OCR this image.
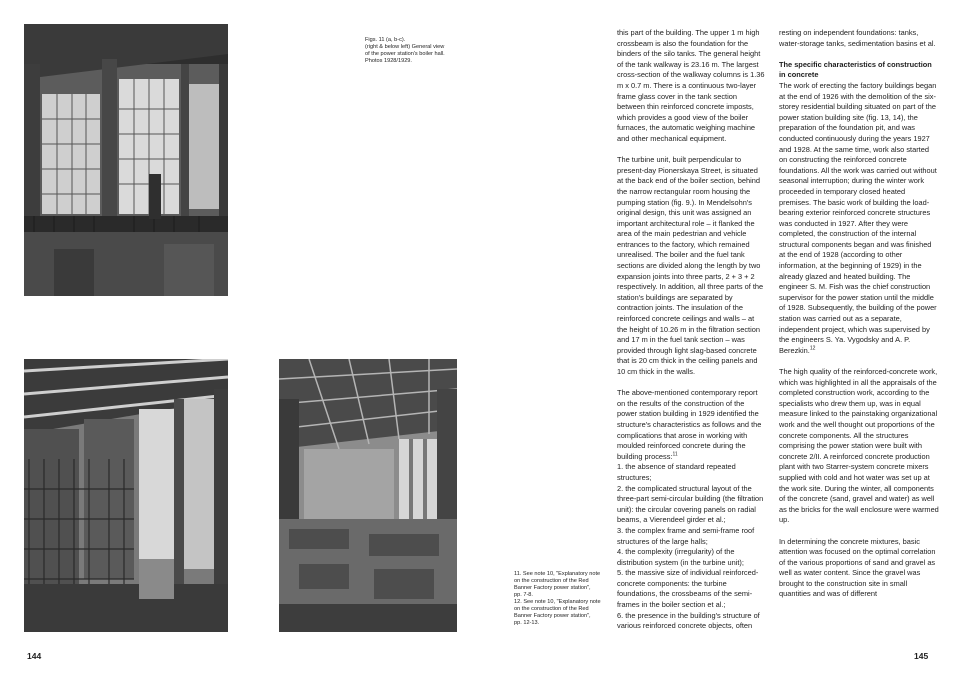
Figs. 11 (a, b-c).
(right & below left) General view
of the power station's boiler hall.
Photos 1928/1929.
11. See note 10, "Explanatory note
on the construction of the Red
Banner Factory power station",
pp. 7-8.
12. See note 10, "Explanatory note
on the construction of the Red
Banner Factory power station",
pp. 12-13.

this part of the building. The upper 1 m high crossbeam is also the foundation for the binders of the silo tanks. The general height of the tank walkway is 23.16 m. The largest cross-section of the walkway columns is 1.36 m x 0.7 m. There is a continuous two-layer frame glass cover in the tank section between thin reinforced concrete imposts, which provides a good view of the boiler furnaces, the automatic weighing machine and other mechanical equipment.

The turbine unit, built perpendicular to present-day Pionerskaya Street, is situated at the back end of the boiler section, behind the narrow rectangular room housing the pumping station (fig. 9.). In Mendelsohn's original design, this unit was assigned an important architectural role – it flanked the area of the main pedestrian and vehicle entrances to the factory, which remained unrealised. The boiler and the fuel tank sections are divided along the length by two expansion joints into three parts, 2 + 3 + 2 respectively. In addition, all three parts of the station's buildings are separated by contraction joints. The insulation of the reinforced concrete ceilings and walls – at the height of 10.26 m in the filtration section and 17 m in the fuel tank section – was provided through light slag-based concrete that is 20 cm thick in the ceiling panels and 10 cm thick in the walls.

The above-mentioned contemporary report on the results of the construction of the power station building in 1929 identified the structure's characteristics as follows and the complications that arose in working with moulded reinforced concrete during the building process:$^{11}$

1. the absence of standard repeated structures;
2. the complicated structural layout of the three-part semi-circular building (the filtration unit): the circular covering panels on radial beams, a Vierendeel girder et al.;
3. the complex frame and semi-frame roof structures of the large halls;
4. the complexity (irregularity) of the distribution system (in the turbine unit);
5. the massive size of individual reinforced-concrete components: the turbine foundations, the crossbeams of the semi-frames in the boiler section et al.;
6. the presence in the building's structure of various reinforced concrete objects, often

resting on independent foundations: tanks, water-storage tanks, sedimentation basins et al.

The specific characteristics of construction in concrete

The work of erecting the factory buildings began at the end of 1926 with the demolition of the six-storey residential building situated on part of the power station building site (fig. 13, 14), the preparation of the foundation pit, and was conducted continuously during the years 1927 and 1928. At the same time, work also started on constructing the reinforced concrete foundations. All the work was carried out without seasonal interruption; during the winter work proceeded in temporary closed heated premises. The basic work of building the load-bearing exterior reinforced concrete structures was conducted in 1927. After they were completed, the construction of the internal structural components began and was finished at the end of 1928 (according to other information, at the beginning of 1929) in the already glazed and heated building. The engineer S. M. Fish was the chief construction supervisor for the power station until the middle of 1928. Subsequently, the building of the power station was carried out as a separate, independent project, which was supervised by the engineers S. Ya. Vygodsky and A. P. Berezkin.$^{12}$

The high quality of the reinforced-concrete work, which was highlighted in all the appraisals of the completed construction work, according to the specialists who drew them up, was in equal measure linked to the painstaking organizational work and the well thought out proportions of the concrete components. All the structures comprising the power station were built with concrete 2/II. A reinforced concrete production plant with two Starrer-system concrete mixers supplied with cold and hot water was set up at the work site. During the winter, all components of the concrete (sand, gravel and water) as well as the bricks for the wall enclosure were warmed up.

In determining the concrete mixtures, basic attention was focused on the optimal correlation of the various proportions of sand and gravel as well as water content. Since the gravel was brought to the construction site in small quantities and was of different

144	145
